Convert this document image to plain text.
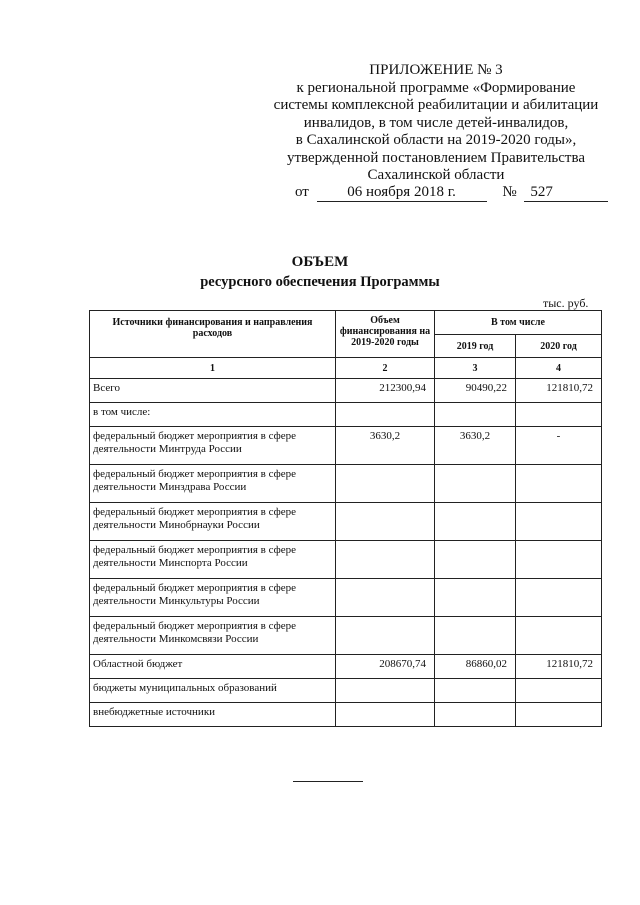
ПРИЛОЖЕНИЕ № 3
к региональной программе «Формирование
системы комплексной реабилитации и абилитации
инвалидов, в том числе детей-инвалидов,
в Сахалинской области на 2019-2020 годы»,
утвержденной постановлением Правительства
Сахалинской области
от	06 ноября 2018 г.	№ 527
ОБЪЕМ
ресурсного обеспечения Программы
тыс. руб.
Источники финансирования и направления расходов	Объем финансирования на 2019-2020 годы	В том числе	
		2019 год	2020 год
1	2	3	4
Всего	212300,94	90490,22	121810,72
в том числе:			
федеральный бюджет мероприятия в сфере деятельности Минтруда России	3630,2	3630,2	-
федеральный бюджет мероприятия в сфере деятельности Минздрава России			
федеральный бюджет мероприятия в сфере деятельности Минобрнауки России			
федеральный бюджет мероприятия в сфере деятельности Минспорта России			
федеральный бюджет мероприятия в сфере деятельности Минкультуры России			
федеральный бюджет мероприятия в сфере деятельности Минкомсвязи России			
Областной бюджет	208670,74	86860,02	121810,72
бюджеты муниципальных образований			
внебюджетные источники			
